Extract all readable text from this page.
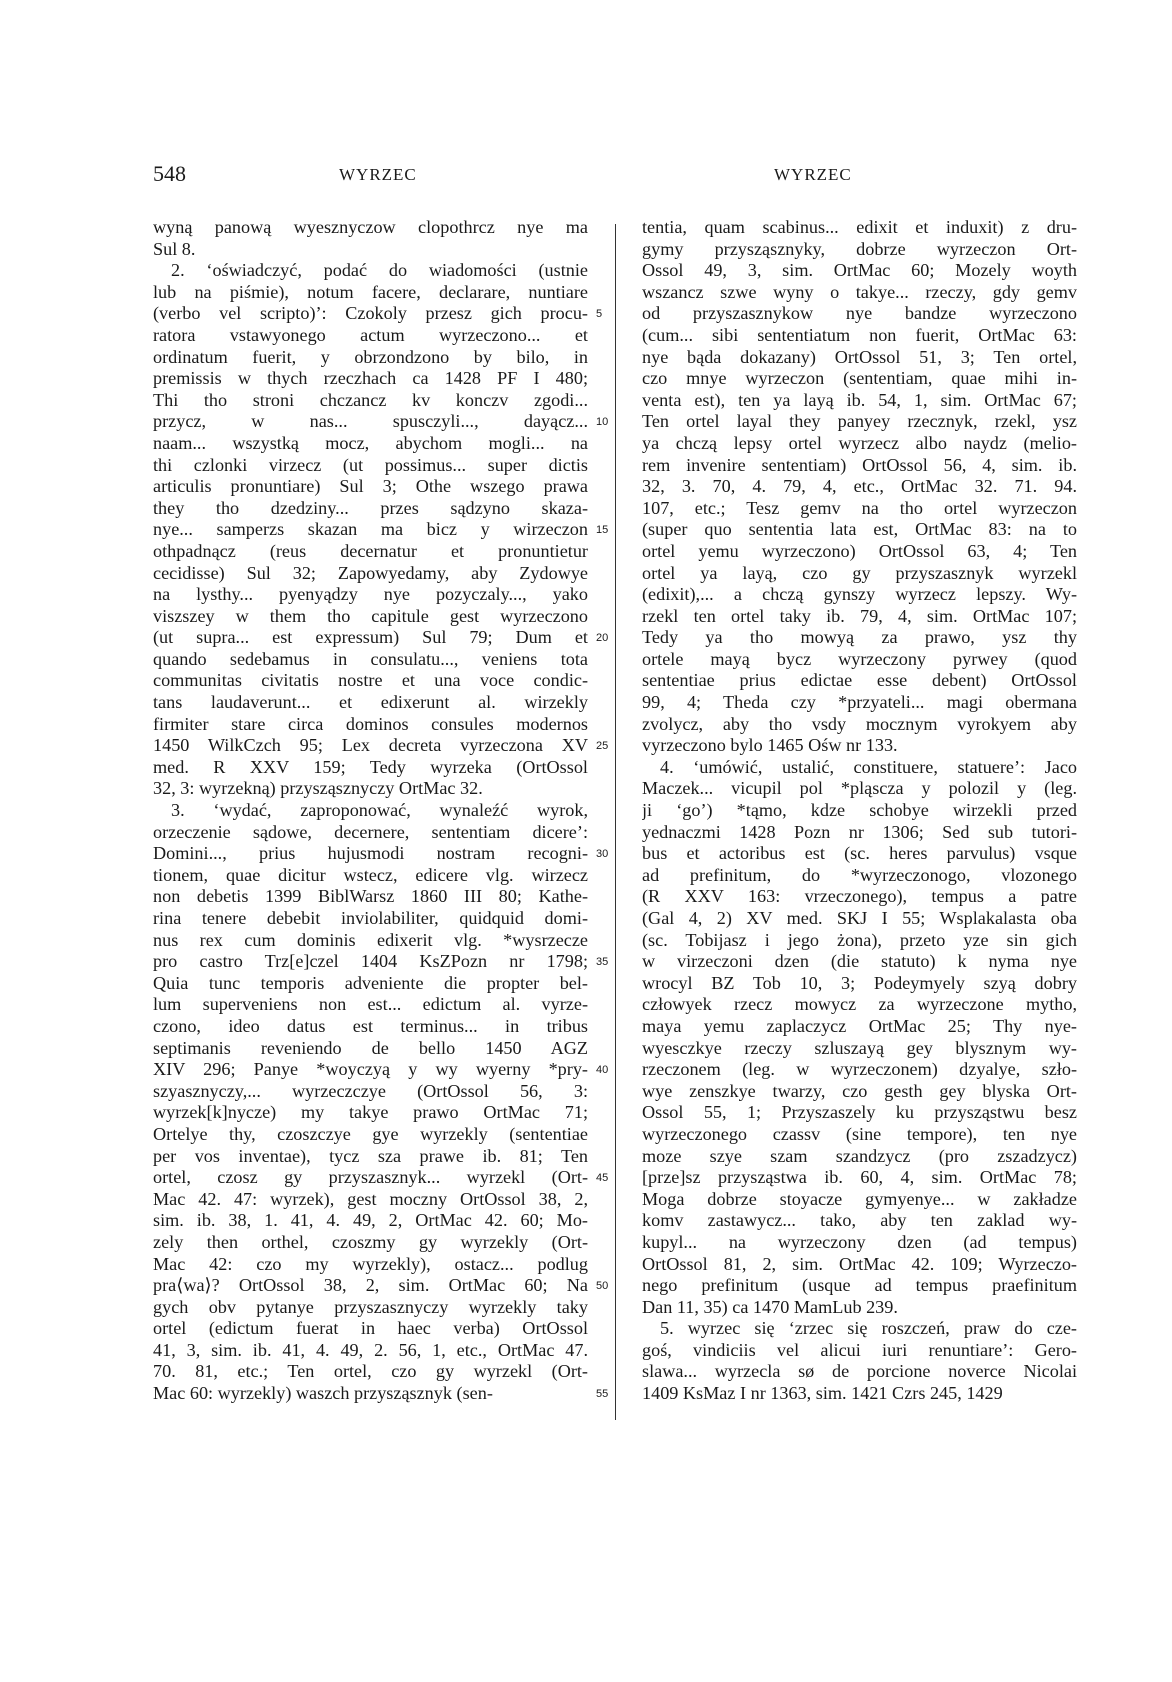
548	WYRZEC	WYRZEC
wyną panową wyesznyczow clopothrcz nye ma
Sul 8.
2. ‘oświadczyć, podać do wiadomości (ustnie
lub na piśmie), notum facere, declarare, nuntiare
(verbo vel scripto)’: Czokoly przesz gich procu-
ratora vstawyonego actum wyrzeczono... et
ordinatum fuerit, y obrzondzono by bilo, in
premissis w thych rzeczhach ca 1428 PF I 480;
Thi tho stroni chczancz kv konczv zgodi...
przycz, w nas... spusczyli..., dayącz...
naam... wszystką mocz, abychom mogli... na
thi czlonki virzecz (ut possimus... super dictis
articulis pronuntiare) Sul 3; Othe wszego prawa
they tho dzedziny... przes sądzyno skaza-
nye... samperzs skazan ma bicz y wirzeczon
othpadnącz (reus decernatur et pronuntietur
cecidisse) Sul 32; Zapowyedamy, aby Zydowye
na lysthy... pyenyądzy nye pozyczaly..., yako
viszszey w them tho capitule gest wyrzeczono
(ut supra... est expressum) Sul 79; Dum et
quando sedebamus in consulatu..., veniens tota
communitas civitatis nostre et una voce condic-
tans laudaverunt... et edixerunt al. wirzekly
firmiter stare circa dominos consules modernos
1450 WilkCzch 95; Lex decreta vyrzeczona XV
med. R XXV 159; Tedy wyrzeka (OrtOssol
32, 3: wyrzekną) przysząsznyczy OrtMac 32.
3. ‘wydać, zaproponować, wynaleźć wyrok,
orzeczenie sądowe, decernere, sententiam dicere’:
Domini..., prius hujusmodi nostram recogni-
tionem, quae dicitur wstecz, edicere vlg. wirzecz
non debetis 1399 BiblWarsz 1860 III 80; Kathe-
rina tenere debebit inviolabiliter, quidquid domi-
nus rex cum dominis edixerit vlg. *wysrzecze
pro castro Trz[e]czel 1404 KsZPozn nr 1798;
Quia tunc temporis adveniente die propter bel-
lum superveniens non est... edictum al. vyrze-
czono, ideo datus est terminus... in tribus
septimanis reveniendo de bello 1450 AGZ
XIV 296; Panye *woyczyą y wy wyerny *pry-
szyasznyczy,... wyrzeczczye (OrtOssol 56, 3:
wyrzek[k]nycze) my takye prawo OrtMac 71;
Ortelye thy, czoszczye gye wyrzekly (sententiae
per vos inventae), tycz sza prawe ib. 81; Ten
ortel, czosz gy przyszasznyk... wyrzekl (Ort-
Mac 42. 47: wyrzek), gest moczny OrtOssol 38, 2,
sim. ib. 38, 1. 41, 4. 49, 2, OrtMac 42. 60; Mo-
zely then orthel, czoszmy gy wyrzekly (Ort-
Mac 42: czo my wyrzekly), ostacz... podlug
pra⟨wa⟩? OrtOssol 38, 2, sim. OrtMac 60; Na
gych obv pytanye przyszasznyczy wyrzekly taky
ortel (edictum fuerat in haec verba) OrtOssol
41, 3, sim. ib. 41, 4. 49, 2. 56, 1, etc., OrtMac 47.
70. 81, etc.; Ten ortel, czo gy wyrzekl (Ort-
Mac 60: wyrzekly) waszch przysząsznyk (sen-
5
10
15
20
25
30
35
40
45
50
55
tentia, quam scabinus... edixit et induxit) z dru-
gymy przysząsznyky, dobrze wyrzeczon Ort-
Ossol 49, 3, sim. OrtMac 60; Mozely woyth
wszancz szwe wyny o takye... rzeczy, gdy gemv
od przyszasznykow nye bandze wyrzeczono
(cum... sibi sententiatum non fuerit, OrtMac 63:
nye bąda dokazany) OrtOssol 51, 3; Ten ortel,
czo mnye wyrzeczon (sententiam, quae mihi in-
venta est), ten ya layą ib. 54, 1, sim. OrtMac 67;
Ten ortel layal they panyey rzecznyk, rzekl, ysz
ya chczą lepsy ortel wyrzecz albo naydz (melio-
rem invenire sententiam) OrtOssol 56, 4, sim. ib.
32, 3. 70, 4. 79, 4, etc., OrtMac 32. 71. 94.
107, etc.; Tesz gemv na tho ortel wyrzeczon
(super quo sententia lata est, OrtMac 83: na to
ortel yemu wyrzeczono) OrtOssol 63, 4; Ten
ortel ya layą, czo gy przyszasznyk wyrzekl
(edixit),... a chczą gynszy wyrzecz lepszy. Wy-
rzekl ten ortel taky ib. 79, 4, sim. OrtMac 107;
Tedy ya tho mowyą za prawo, ysz thy
ortele mayą bycz wyrzeczony pyrwey (quod
sententiae prius edictae esse debent) OrtOssol
99, 4; Theda czy *przyateli... magi obermana
zvolycz, aby tho vsdy mocznym vyrokyem aby
vyrzeczono bylo 1465 Ośw nr 133.
4. ‘umówić, ustalić, constituere, statuere’: Jaco
Maczek... vicupil pol *pląscza y polozil y (leg.
ji ‘go’) *tąmo, kdze schobye wirzekli przed
yednaczmi 1428 Pozn nr 1306; Sed sub tutori-
bus et actoribus est (sc. heres parvulus) vsque
ad prefinitum, do *wyrzeczonogo, vlozonego
(R XXV 163: vrzeczonego), tempus a patre
(Gal 4, 2) XV med. SKJ I 55; Wsplakalasta oba
(sc. Tobijasz i jego żona), przeto yze sin gich
w virzeczoni dzen (die statuto) k nyma nye
wrocyl BZ Tob 10, 3; Podeymyely szyą dobry
człowyek rzecz mowycz za wyrzeczone mytho,
maya yemu zaplaczycz OrtMac 25; Thy nye-
wyesczkye rzeczy szluszayą gey blysznym wy-
rzeczonem (leg. w wyrzeczonem) dzyalye, szło-
wye zenszkye twarzy, czo gesth gey blyska Ort-
Ossol 55, 1; Przyszaszely ku przysząstwu besz
wyrzeczonego czassv (sine tempore), ten nye
moze szye szam szandzycz (pro zszadzycz)
[prze]sz przysząstwa ib. 60, 4, sim. OrtMac 78;
Moga dobrze stoyacze gymyenye... w zakładze
komv zastawycz... tako, aby ten zaklad wy-
kupyl... na wyrzeczony dzen (ad tempus)
OrtOssol 81, 2, sim. OrtMac 42. 109; Wyrzeczo-
nego prefinitum (usque ad tempus praefinitum
Dan 11, 35) ca 1470 MamLub 239.
5. wyrzec się ‘zrzec się roszczeń, praw do cze-
goś, vindiciis vel alicui iuri renuntiare’: Gero-
slawa... wyrzecla sø de porcione noverce Nicolai
1409 KsMaz I nr 1363, sim. 1421 Czrs 245, 1429
